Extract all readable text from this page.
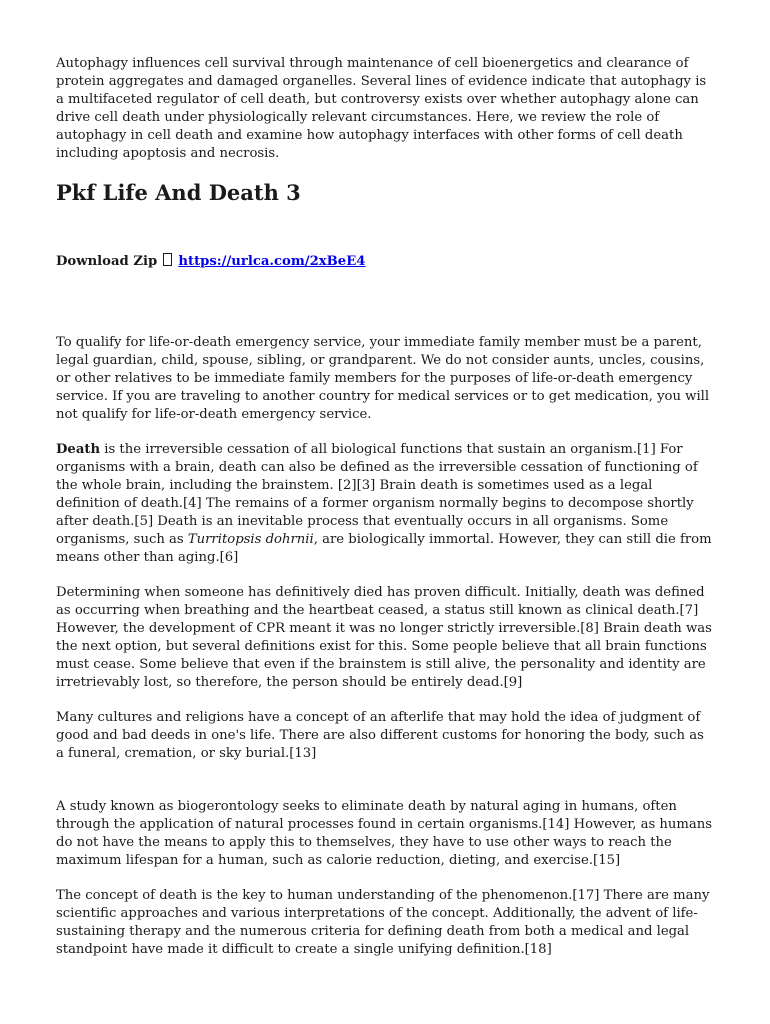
Autophagy influences cell survival through maintenance of cell bioenergetics and clearance of protein aggregates and damaged organelles. Several lines of evidence indicate that autophagy is a multifaceted regulator of cell death, but controversy exists over whether autophagy alone can drive cell death under physiologically relevant circumstances. Here, we review the role of autophagy in cell death and examine how autophagy interfaces with other forms of cell death including apoptosis and necrosis.

Pkf Life And Death 3
Download Zip https://urlca.com/2xBeE4

To qualify for life-or-death emergency service, your immediate family member must be a parent, legal guardian, child, spouse, sibling, or grandparent. We do not consider aunts, uncles, cousins, or other relatives to be immediate family members for the purposes of life-or-death emergency service. If you are traveling to another country for medical services or to get medication, you will not qualify for life-or-death emergency service.

Death is the irreversible cessation of all biological functions that sustain an organism.[1] For organisms with a brain, death can also be defined as the irreversible cessation of functioning of the whole brain, including the brainstem. [2][3] Brain death is sometimes used as a legal definition of death.[4] The remains of a former organism normally begins to decompose shortly after death.[5] Death is an inevitable process that eventually occurs in all organisms. Some organisms, such as Turritopsis dohrnii, are biologically immortal. However, they can still die from means other than aging.[6]

Determining when someone has definitively died has proven difficult. Initially, death was defined as occurring when breathing and the heartbeat ceased, a status still known as clinical death.[7] However, the development of CPR meant it was no longer strictly irreversible.[8] Brain death was the next option, but several definitions exist for this. Some people believe that all brain functions must cease. Some believe that even if the brainstem is still alive, the personality and identity are irretrievably lost, so therefore, the person should be entirely dead.[9]

Many cultures and religions have a concept of an afterlife that may hold the idea of judgment of good and bad deeds in one's life. There are also different customs for honoring the body, such as a funeral, cremation, or sky burial.[13]

A study known as biogerontology seeks to eliminate death by natural aging in humans, often through the application of natural processes found in certain organisms.[14] However, as humans do not have the means to apply this to themselves, they have to use other ways to reach the maximum lifespan for a human, such as calorie reduction, dieting, and exercise.[15]

The concept of death is the key to human understanding of the phenomenon.[17] There are many scientific approaches and various interpretations of the concept. Additionally, the advent of life-sustaining therapy and the numerous criteria for defining death from both a medical and legal standpoint have made it difficult to create a single unifying definition.[18]
